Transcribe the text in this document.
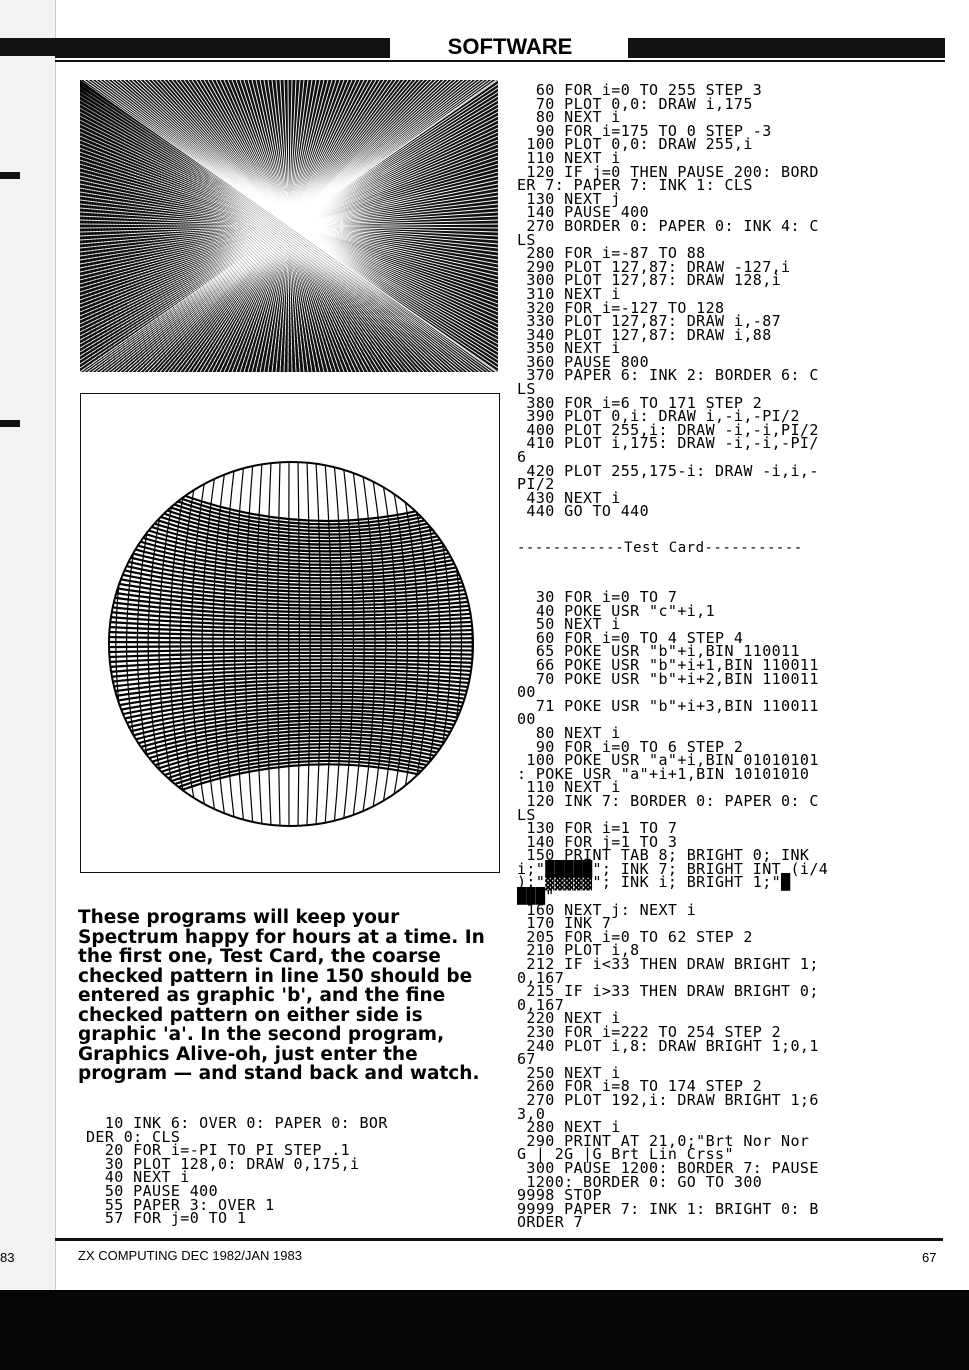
SOFTWARE
These programs will keep your
Spectrum happy for hours at a time. In
the first one, Test Card, the coarse
checked pattern in line 150 should be
entered as graphic 'b', and the fine
checked pattern on either side is
graphic 'a'. In the second program,
Graphics Alive-oh, just enter the
program — and stand back and watch.
60 FOR i=0 TO 255 STEP 3
70 PLOT 0,0: DRAW i,175
80 NEXT i
90 FOR i=175 TO 0 STEP -3
100 PLOT 0,0: DRAW 255,i
110 NEXT i
120 IF j=0 THEN PAUSE 200: BORD
ER 7: PAPER 7: INK 1: CLS
130 NEXT j
140 PAUSE 400
270 BORDER 0: PAPER 0: INK 4: C
LS
280 FOR i=-87 TO 88
290 PLOT 127,87: DRAW -127,i
300 PLOT 127,87: DRAW 128,i
310 NEXT i
320 FOR i=-127 TO 128
330 PLOT 127,87: DRAW i,-87
340 PLOT 127,87: DRAW i,88
350 NEXT i
360 PAUSE 800
370 PAPER 6: INK 2: BORDER 6: C
LS
380 FOR i=6 TO 171 STEP 2
390 PLOT 0,i: DRAW i,-i,-PI/2
400 PLOT 255,i: DRAW -i,-i,PI/2
410 PLOT i,175: DRAW -i,-i,-PI/
6
420 PLOT 255,175-i: DRAW -i,i,-
PI/2
430 NEXT i
440 GO TO 440
------------Test Card-----------
30 FOR i=0 TO 7
40 POKE USR "c"+i,1
50 NEXT i
60 FOR i=0 TO 4 STEP 4
65 POKE USR "b"+i,BIN 110011
66 POKE USR "b"+i+1,BIN 110011
70 POKE USR "b"+i+2,BIN 110011
00
71 POKE USR "b"+i+3,BIN 110011
00
80 NEXT i
90 FOR i=0 TO 6 STEP 2
100 POKE USR "a"+i,BIN 01010101
: POKE USR "a"+i+1,BIN 10101010
110 NEXT i
120 INK 7: BORDER 0: PAPER 0: C
LS
130 FOR i=1 TO 7
140 FOR j=1 TO 3
150 PRINT TAB 8; BRIGHT 0; INK
i;"█████"; INK 7; BRIGHT INT (i/4
);"▓▓▓▓▓"; INK i; BRIGHT 1;"█
███"
160 NEXT j: NEXT i
170 INK 7
205 FOR i=0 TO 62 STEP 2
210 PLOT i,8
212 IF i<33 THEN DRAW BRIGHT 1;
0,167
215 IF i>33 THEN DRAW BRIGHT 0;
0,167
220 NEXT i
230 FOR i=222 TO 254 STEP 2
240 PLOT i,8: DRAW BRIGHT 1;0,1
67
250 NEXT i
260 FOR i=8 TO 174 STEP 2
270 PLOT 192,i: DRAW BRIGHT 1;6
3,0
280 NEXT i
290 PRINT AT 21,0;"Brt Nor Nor
G | 2G |G Brt Lin Crss"
300 PAUSE 1200: BORDER 7: PAUSE
1200: BORDER 0: GO TO 300
9998 STOP
9999 PAPER 7: INK 1: BRIGHT 0: B
ORDER 7
10 INK 6: OVER 0: PAPER 0: BOR
DER 0: CLS
20 FOR i=-PI TO PI STEP .1
30 PLOT 128,0: DRAW 0,175,i
40 NEXT i
50 PAUSE 400
55 PAPER 3: OVER 1
57 FOR j=0 TO 1
ZX COMPUTING DEC 1982/JAN 1983	67
83
